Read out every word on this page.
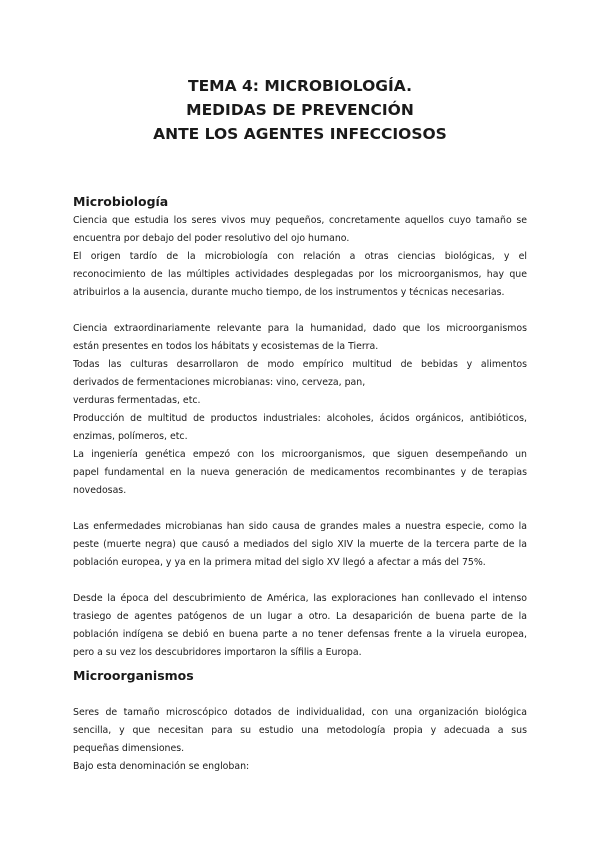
TEMA 4: MICROBIOLOGÍA.
MEDIDAS DE PREVENCIÓN
ANTE LOS AGENTES INFECCIOSOS
Microbiología
Ciencia que estudia los seres vivos muy pequeños, concretamente aquellos cuyo tamaño se
encuentra por debajo del poder resolutivo del ojo humano.
El origen tardío de la microbiología con relación a otras ciencias biológicas, y el
reconocimiento de las múltiples actividades desplegadas por los microorganismos, hay que
atribuirlos a la ausencia, durante mucho tiempo, de los instrumentos y técnicas necesarias.
Ciencia extraordinariamente relevante para la humanidad, dado que los microorganismos
están presentes en todos los hábitats y ecosistemas de la Tierra.
Todas las culturas desarrollaron de modo empírico multitud de bebidas y alimentos
derivados de fermentaciones microbianas: vino, cerveza, pan,
verduras fermentadas, etc.
Producción de multitud de productos industriales: alcoholes, ácidos orgánicos, antibióticos,
enzimas, polímeros, etc.
La ingeniería genética empezó con los microorganismos, que siguen desempeñando un
papel fundamental en la nueva generación de medicamentos recombinantes y de terapias
novedosas.
Las enfermedades microbianas han sido causa de grandes males a nuestra especie, como la
peste (muerte negra) que causó a mediados del siglo XIV la muerte de la tercera parte de la
población europea, y ya en la primera mitad del siglo XV llegó a afectar a más del 75%.
Desde la época del descubrimiento de América, las exploraciones han conllevado el intenso
trasiego de agentes patógenos de un lugar a otro. La desaparición de buena parte de la
población indígena se debió en buena parte a no tener defensas frente a la viruela europea,
pero a su vez los descubridores importaron la sífilis a Europa.
Microorganismos
Seres de tamaño microscópico dotados de individualidad, con una organización biológica
sencilla, y que necesitan para su estudio una metodología propia y adecuada a sus
pequeñas dimensiones.
Bajo esta denominación se engloban:
